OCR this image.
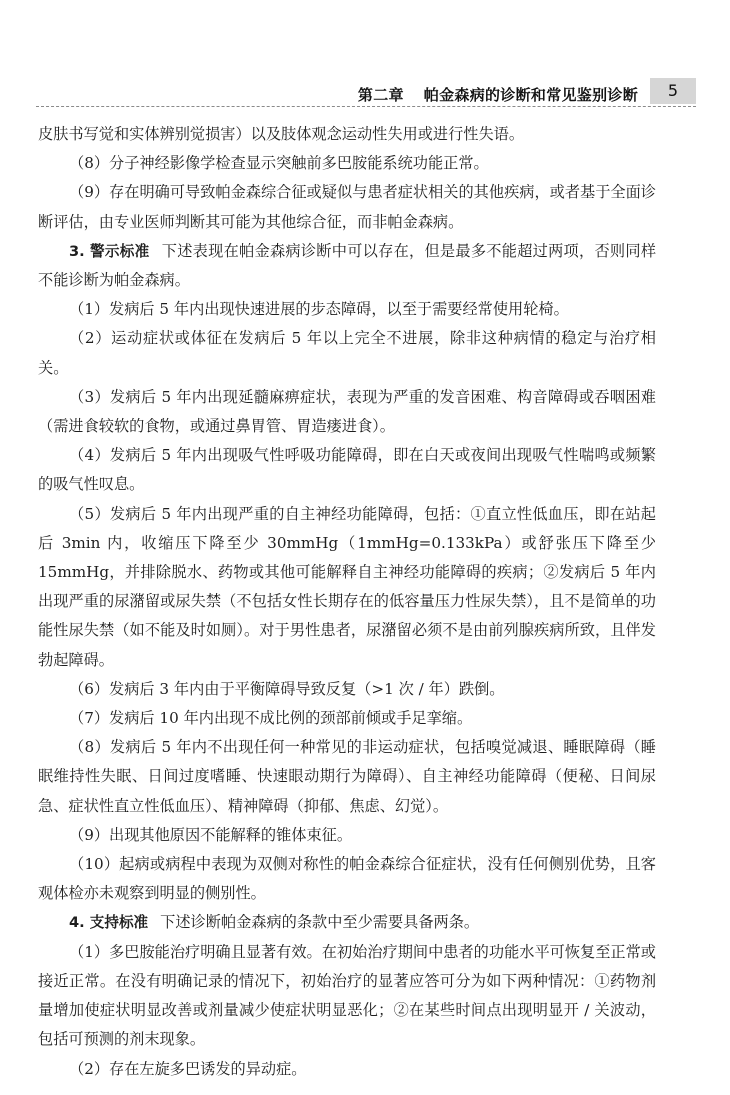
第二章 帕金森病的诊断和常见鉴别诊断	5

皮肤书写觉和实体辨别觉损害）以及肢体观念运动性失用或进行性失语。

（8）分子神经影像学检查显示突触前多巴胺能系统功能正常。

（9）存在明确可导致帕金森综合征或疑似与患者症状相关的其他疾病，或者基于全面诊断评估，由专业医师判断其可能为其他综合征，而非帕金森病。

3. 警示标准 下述表现在帕金森病诊断中可以存在，但是最多不能超过两项，否则同样不能诊断为帕金森病。

（1）发病后 5 年内出现快速进展的步态障碍，以至于需要经常使用轮椅。

（2）运动症状或体征在发病后 5 年以上完全不进展，除非这种病情的稳定与治疗相关。

（3）发病后 5 年内出现延髓麻痹症状，表现为严重的发音困难、构音障碍或吞咽困难（需进食较软的食物，或通过鼻胃管、胃造瘘进食）。

（4）发病后 5 年内出现吸气性呼吸功能障碍，即在白天或夜间出现吸气性喘鸣或频繁的吸气性叹息。

（5）发病后 5 年内出现严重的自主神经功能障碍，包括：①直立性低血压，即在站起后 3min 内，收缩压下降至少 30mmHg（1mmHg=0.133kPa）或舒张压下降至少 15mmHg，并排除脱水、药物或其他可能解释自主神经功能障碍的疾病；②发病后 5 年内出现严重的尿潴留或尿失禁（不包括女性长期存在的低容量压力性尿失禁），且不是简单的功能性尿失禁（如不能及时如厕）。对于男性患者，尿潴留必须不是由前列腺疾病所致，且伴发勃起障碍。

（6）发病后 3 年内由于平衡障碍导致反复（>1 次 / 年）跌倒。

（7）发病后 10 年内出现不成比例的颈部前倾或手足挛缩。

（8）发病后 5 年内不出现任何一种常见的非运动症状，包括嗅觉减退、睡眠障碍（睡眠维持性失眠、日间过度嗜睡、快速眼动期行为障碍）、自主神经功能障碍（便秘、日间尿急、症状性直立性低血压）、精神障碍（抑郁、焦虑、幻觉）。

（9）出现其他原因不能解释的锥体束征。

（10）起病或病程中表现为双侧对称性的帕金森综合征症状，没有任何侧别优势，且客观体检亦未观察到明显的侧别性。

4. 支持标准 下述诊断帕金森病的条款中至少需要具备两条。

（1）多巴胺能治疗明确且显著有效。在初始治疗期间中患者的功能水平可恢复至正常或接近正常。在没有明确记录的情况下，初始治疗的显著应答可分为如下两种情况：①药物剂量增加使症状明显改善或剂量减少使症状明显恶化；②在某些时间点出现明显开 / 关波动，包括可预测的剂末现象。

（2）存在左旋多巴诱发的异动症。
